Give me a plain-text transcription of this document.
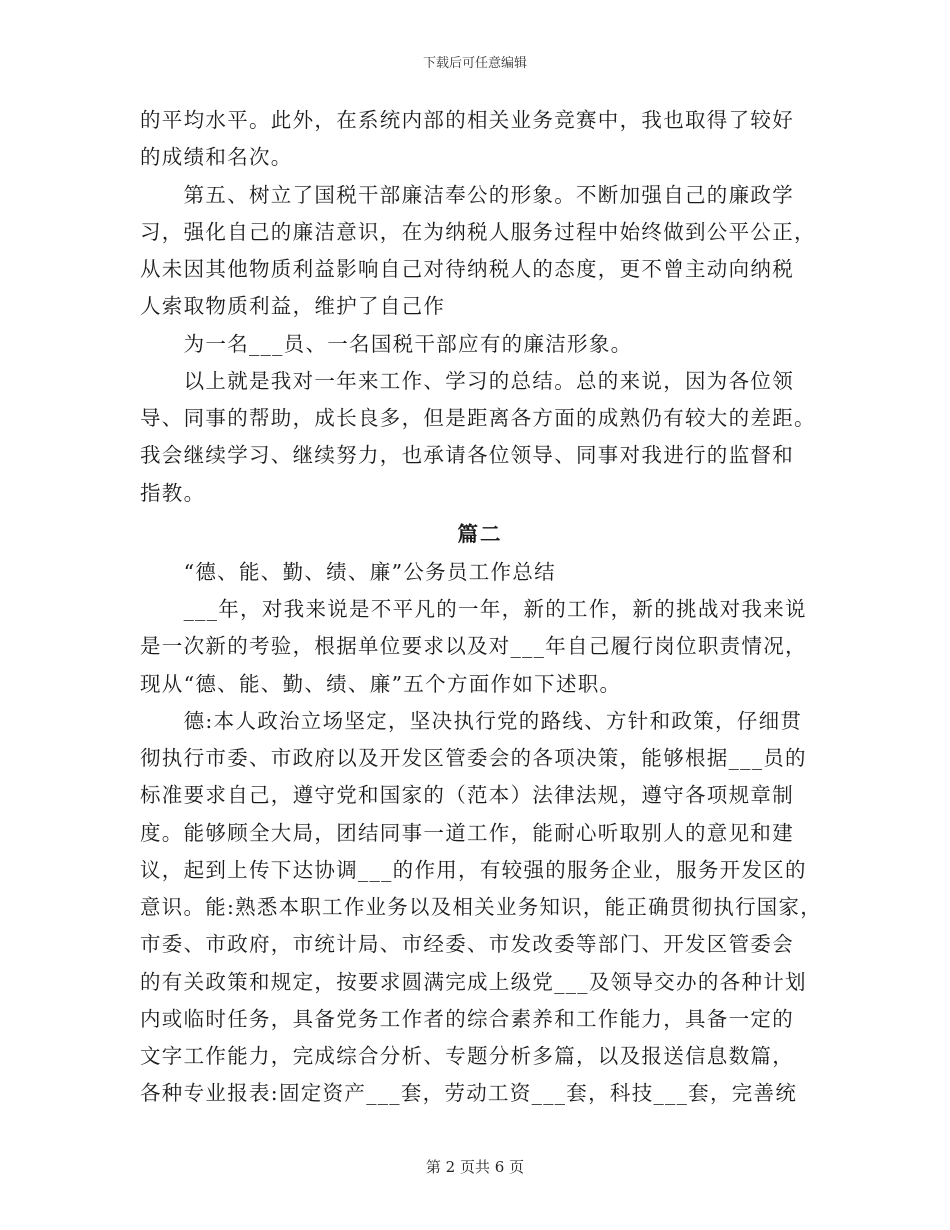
下载后可任意编辑
的平均水平。此外，在系统内部的相关业务竞赛中，我也取得了较好
的成绩和名次。
　　第五、树立了国税干部廉洁奉公的形象。不断加强自己的廉政学
习，强化自己的廉洁意识，在为纳税人服务过程中始终做到公平公正，
从未因其他物质利益影响自己对待纳税人的态度，更不曾主动向纳税
人索取物质利益，维护了自己作
　　为一名___员、一名国税干部应有的廉洁形象。
　　以上就是我对一年来工作、学习的总结。总的来说，因为各位领
导、同事的帮助，成长良多，但是距离各方面的成熟仍有较大的差距。
我会继续学习、继续努力，也承请各位领导、同事对我进行的监督和
指教。
篇二
　　“德、能、勤、绩、廉”公务员工作总结
　　___年，对我来说是不平凡的一年，新的工作，新的挑战对我来说
是一次新的考验，根据单位要求以及对___年自己履行岗位职责情况，
现从“德、能、勤、绩、廉”五个方面作如下述职。
　　德:本人政治立场坚定，坚决执行党的路线、方针和政策，仔细贯
彻执行市委、市政府以及开发区管委会的各项决策，能够根据___员的
标准要求自己，遵守党和国家的（范本）法律法规，遵守各项规章制
度。能够顾全大局，团结同事一道工作，能耐心听取别人的意见和建
议，起到上传下达协调___的作用，有较强的服务企业，服务开发区的
意识。能:熟悉本职工作业务以及相关业务知识，能正确贯彻执行国家，
市委、市政府，市统计局、市经委、市发改委等部门、开发区管委会
的有关政策和规定，按要求圆满完成上级党___及领导交办的各种计划
内或临时任务，具备党务工作者的综合素养和工作能力，具备一定的
文字工作能力，完成综合分析、专题分析多篇，以及报送信息数篇，
各种专业报表:固定资产___套，劳动工资___套，科技___套，完善统
第 2 页共 6 页
